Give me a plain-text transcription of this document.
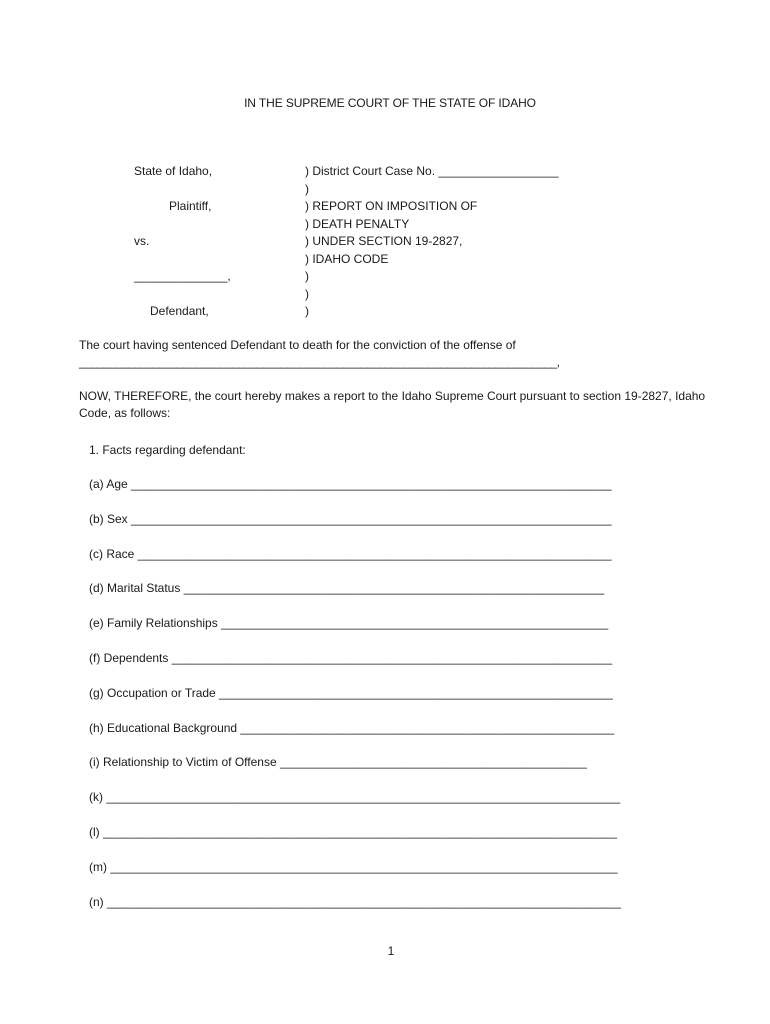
IN THE SUPREME COURT OF THE STATE OF IDAHO
State of Idaho,
Plaintiff,
vs.
______________,
Defendant,
) District Court Case No. __________________
)
) REPORT ON IMPOSITION OF
) DEATH PENALTY
) UNDER SECTION 19-2827,
) IDAHO CODE
)
)
)
The court having sentenced Defendant to death for the conviction of the offense of
______________________________________________________________________________,
NOW, THEREFORE, the court hereby makes a report to the Idaho Supreme Court pursuant to section 19-2827, Idaho Code, as follows:
1. Facts regarding defendant:
(a) Age ________________________________________________________________________
(b) Sex ________________________________________________________________________
(c) Race _______________________________________________________________________
(d) Marital Status _______________________________________________________________
(e) Family Relationships __________________________________________________________
(f) Dependents __________________________________________________________________
(g) Occupation or Trade ___________________________________________________________
(h) Educational Background ________________________________________________________
(i) Relationship to Victim of Offense ______________________________________________
(k) _____________________________________________________________________________
(l) _____________________________________________________________________________
(m) ____________________________________________________________________________
(n) _____________________________________________________________________________
1
